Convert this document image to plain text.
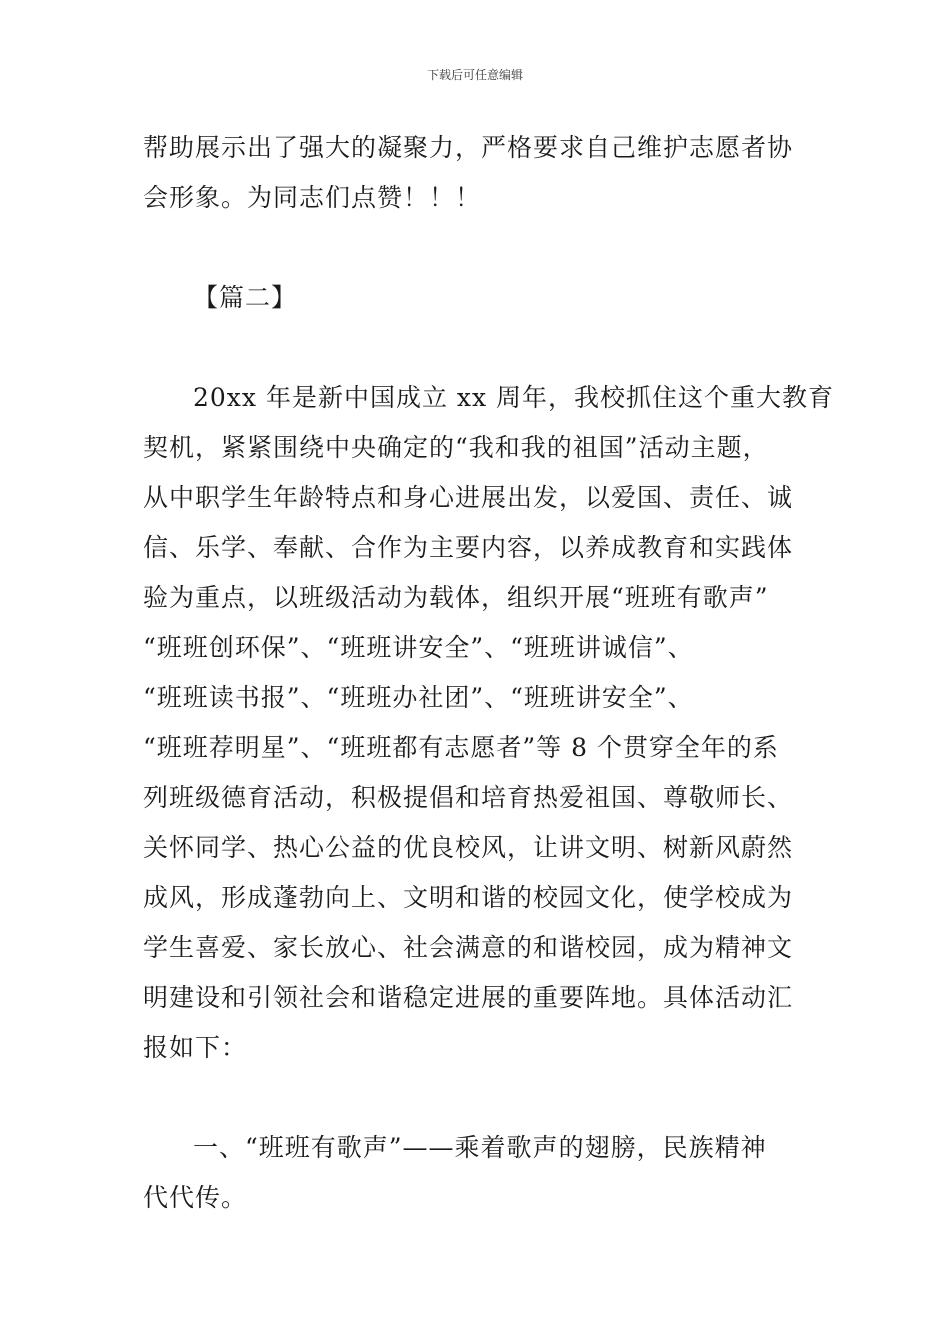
下载后可任意编辑
帮助展示出了强大的凝聚力，严格要求自己维护志愿者协
会形象。为同志们点赞！！！
【篇二】
20xx 年是新中国成立 xx 周年，我校抓住这个重大教育
契机，紧紧围绕中央确定的“我和我的祖国”活动主题，
从中职学生年龄特点和身心进展出发，以爱国、责任、诚
信、乐学、奉献、合作为主要内容，以养成教育和实践体
验为重点，以班级活动为载体，组织开展“班班有歌声”
“班班创环保”、“班班讲安全”、“班班讲诚信”、
“班班读书报”、“班班办社团”、“班班讲安全”、
“班班荐明星”、“班班都有志愿者”等 8 个贯穿全年的系
列班级德育活动，积极提倡和培育热爱祖国、尊敬师长、
关怀同学、热心公益的优良校风，让讲文明、树新风蔚然
成风，形成蓬勃向上、文明和谐的校园文化，使学校成为
学生喜爱、家长放心、社会满意的和谐校园，成为精神文
明建设和引领社会和谐稳定进展的重要阵地。具体活动汇
报如下：
一、“班班有歌声”——乘着歌声的翅膀，民族精神
代代传。
